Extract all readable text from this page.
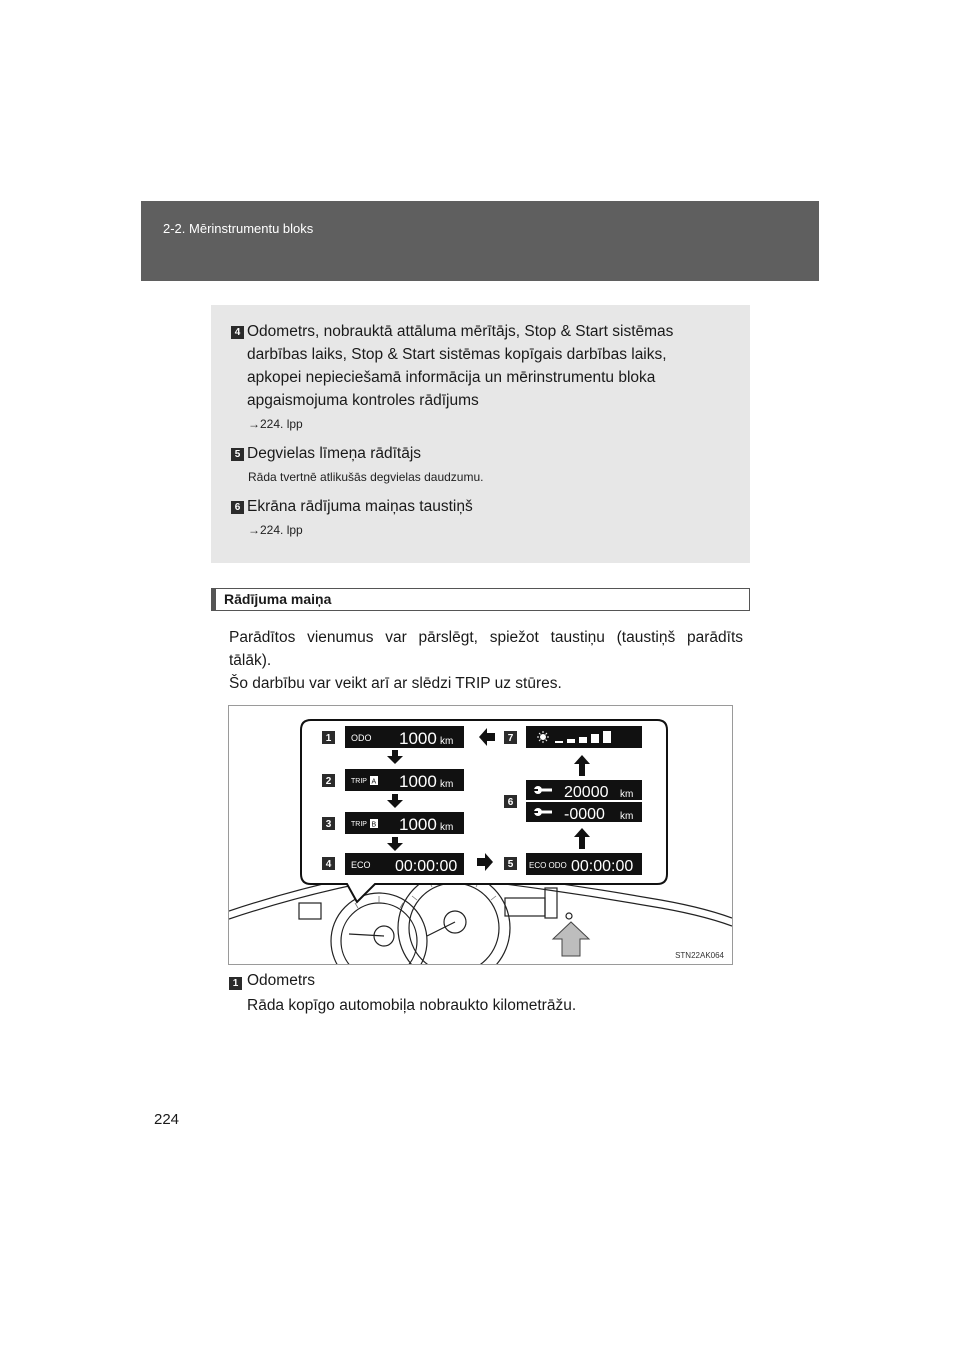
2-2. Mērinstrumentu bloks
4 Odometrs, nobrauktā attāluma mērītājs, Stop & Start sistēmas
darbības laiks, Stop & Start sistēmas kopīgais darbības laiks,
apkopei nepieciešamā informācija un mērinstrumentu bloka
apgaismojuma kontroles rādījums
→224. lpp
5 Degvielas līmeņa rādītājs
Rāda tvertnē atlikušās degvielas daudzumu.
6 Ekrāna rādījuma maiņas taustiņš
→224. lpp
Rādījuma maiņa
Parādītos vienumus var pārslēgt, spiežot taustiņu (taustiņš parādīts
tālāk).
Šo darbību var veikt arī ar slēdzi TRIP uz stūres.
1
2
3
4
7
6
5
ODO 1000 km
TRIP A 1000 km
TRIP B 1000 km
ECO 00:00:00	ECO ODO 00:00:00
20000 km
-0000 km
STN22AK064
1 Odometrs
Rāda kopīgo automobiļa nobraukto kilometrāžu.
224
